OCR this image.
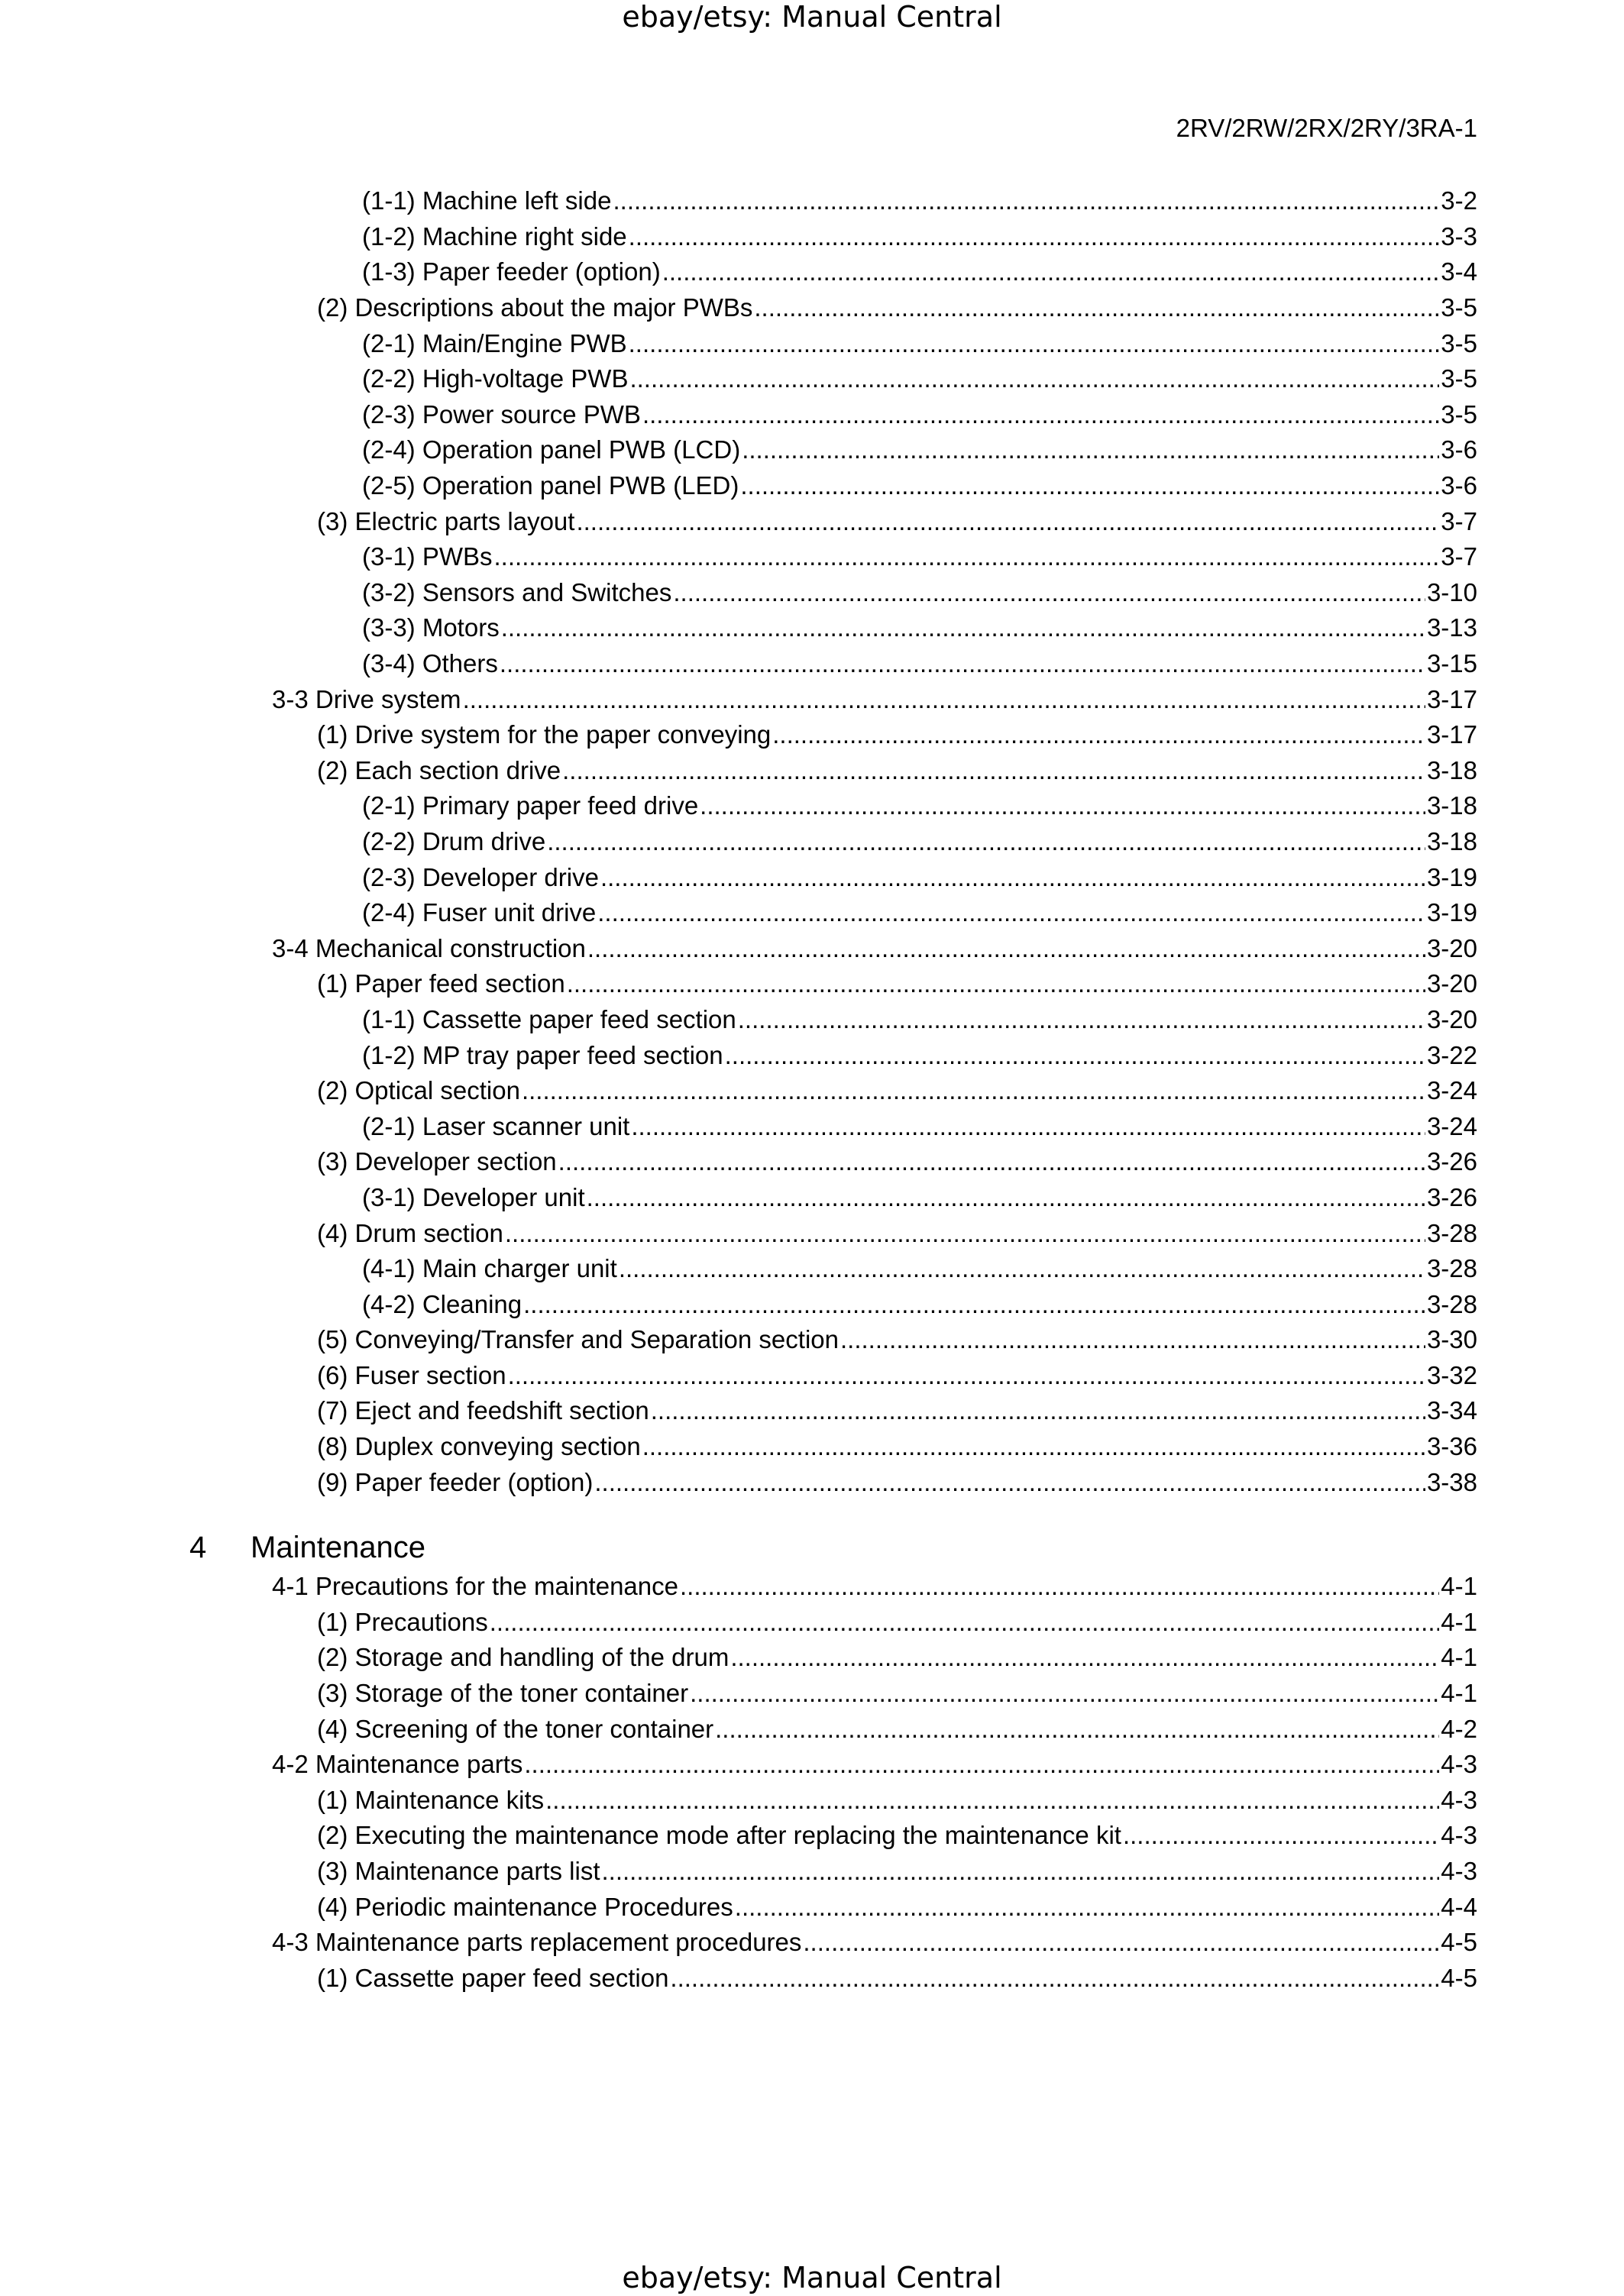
ebay/etsy: Manual Central
2RV/2RW/2RX/2RY/3RA-1
(1-1) Machine left side .....	3-2
(1-2) Machine right side .....	3-3
(1-3) Paper feeder (option) .....	3-4
(2) Descriptions about the major PWBs .....	3-5
(2-1) Main/Engine PWB .....	3-5
(2-2) High-voltage PWB .....	3-5
(2-3) Power source PWB .....	3-5
(2-4) Operation panel PWB (LCD) .....	3-6
(2-5) Operation panel PWB (LED) .....	3-6
(3) Electric parts layout .....	3-7
(3-1) PWBs .....	3-7
(3-2) Sensors and Switches .....	3-10
(3-3) Motors .....	3-13
(3-4) Others .....	3-15
3-3 Drive system .....	3-17
(1) Drive system for the paper conveying .....	3-17
(2) Each section drive .....	3-18
(2-1) Primary paper feed drive .....	3-18
(2-2) Drum drive .....	3-18
(2-3) Developer drive .....	3-19
(2-4) Fuser unit drive .....	3-19
3-4 Mechanical construction .....	3-20
(1) Paper feed section .....	3-20
(1-1) Cassette paper feed section .....	3-20
(1-2) MP tray paper feed section .....	3-22
(2) Optical section .....	3-24
(2-1) Laser scanner unit .....	3-24
(3) Developer section .....	3-26
(3-1) Developer unit .....	3-26
(4) Drum section .....	3-28
(4-1) Main charger unit .....	3-28
(4-2) Cleaning .....	3-28
(5) Conveying/Transfer and Separation section .....	3-30
(6) Fuser section .....	3-32
(7) Eject and feedshift section .....	3-34
(8) Duplex conveying section .....	3-36
(9) Paper feeder (option) .....	3-38
4 Maintenance
4-1 Precautions for the maintenance .....	4-1
(1) Precautions .....	4-1
(2) Storage and handling of the drum .....	4-1
(3) Storage of the toner container .....	4-1
(4) Screening of the toner container .....	4-2
4-2 Maintenance parts .....	4-3
(1) Maintenance kits .....	4-3
(2) Executing the maintenance mode after replacing the maintenance kit .....	4-3
(3) Maintenance parts list .....	4-3
(4) Periodic maintenance Procedures .....	4-4
4-3 Maintenance parts replacement procedures .....	4-5
(1) Cassette paper feed section .....	4-5
ebay/etsy: Manual Central
